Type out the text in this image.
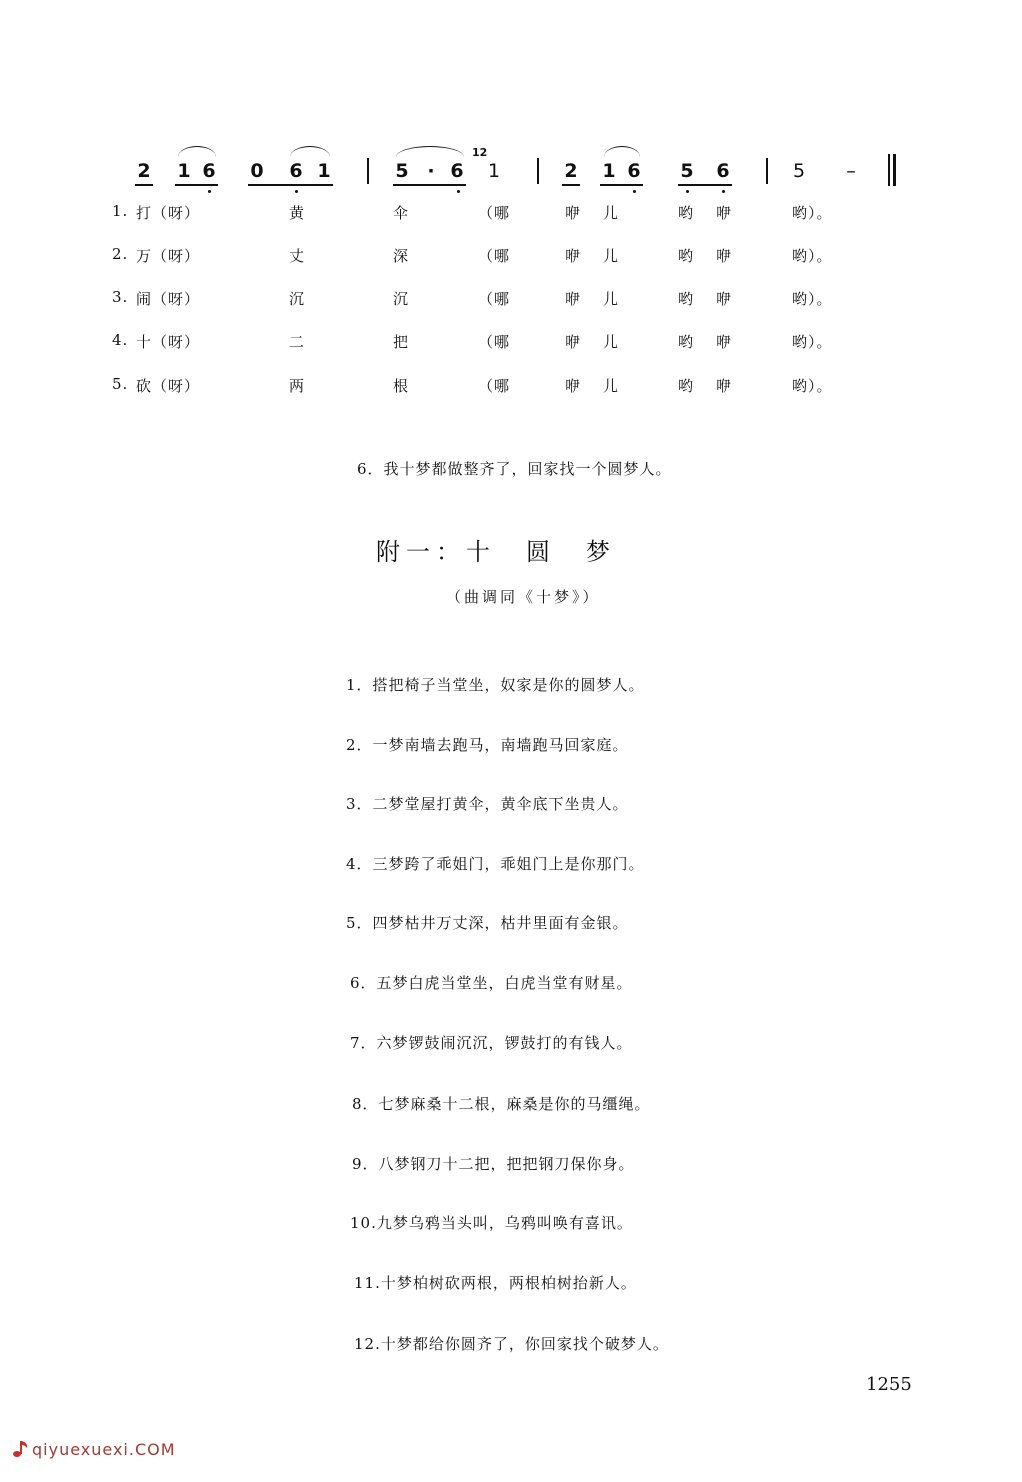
2 1 6 0 6 1	5 · 6
12
1	2 1 6 5 6	5 –
1. 打（呀）	黄	伞	（哪	咿 儿	哟 咿	哟）。
2. 万（呀）	丈	深	（哪	咿 儿	哟 咿	哟）。
3. 闹（呀）	沉	沉	（哪	咿 儿	哟 咿	哟）。
4. 十（呀）	二	把	（哪	咿 儿	哟 咿	哟）。
5. 砍（呀）	两	根	（哪	咿 儿	哟 咿	哟）。
6．我十梦都做整齐了，回家找一个圆梦人。
附一：十　圆　梦
（曲调同《十梦》）
1．搭把椅子当堂坐，奴家是你的圆梦人。
2．一梦南墙去跑马，南墙跑马回家庭。
3．二梦堂屋打黄伞，黄伞底下坐贵人。
4．三梦跨了乖姐门，乖姐门上是你那门。
5．四梦枯井万丈深，枯井里面有金银。
6．五梦白虎当堂坐，白虎当堂有财星。
7．六梦锣鼓闹沉沉，锣鼓打的有钱人。
8．七梦麻桑十二根，麻桑是你的马缰绳。
9．八梦钢刀十二把，把把钢刀保你身。
10.九梦乌鸦当头叫，乌鸦叫唤有喜讯。
11.十梦柏树砍两根，两根柏树抬新人。
12.十梦都给你圆齐了，你回家找个破梦人。
1255
qiyuexuexi.COM
